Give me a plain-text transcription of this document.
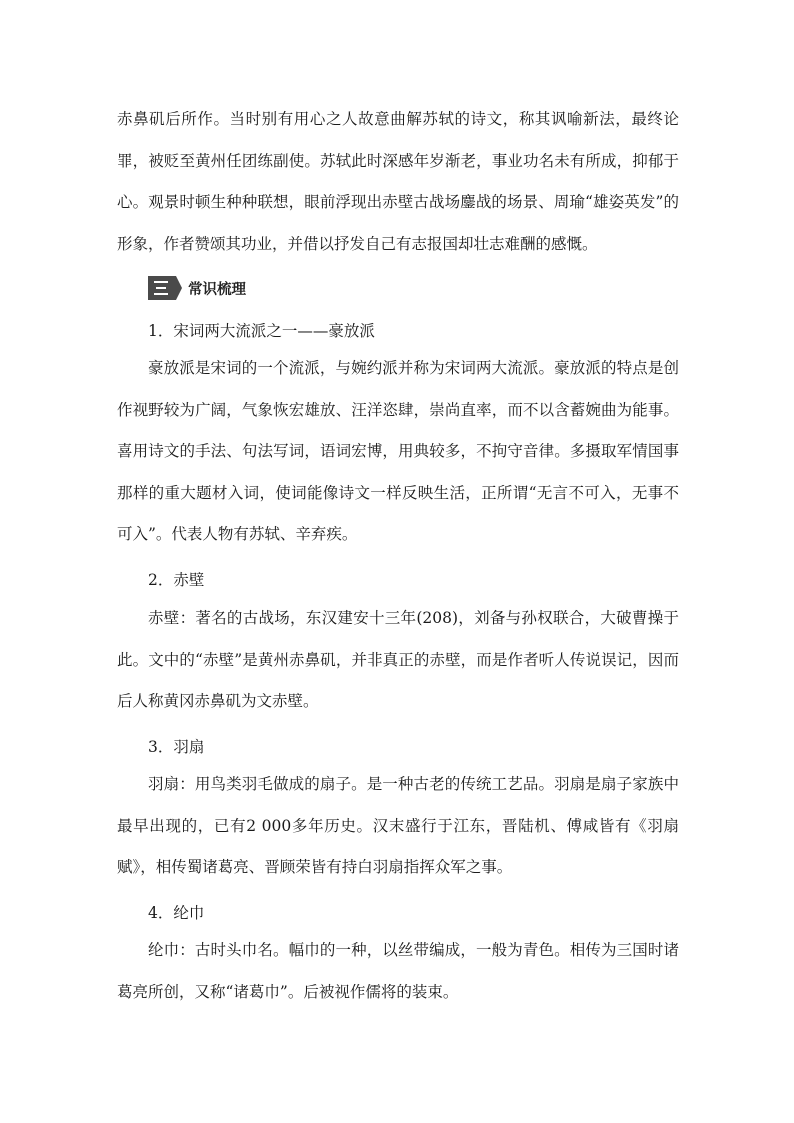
赤鼻矶后所作。当时别有用心之人故意曲解苏轼的诗文，称其讽喻新法，最终论罪，被贬至黄州任团练副使。苏轼此时深感年岁渐老，事业功名未有所成，抑郁于心。观景时顿生种种联想，眼前浮现出赤壁古战场鏖战的场景、周瑜“雄姿英发”的形象，作者赞颂其功业，并借以抒发自己有志报国却壮志难酬的感慨。

常识梳理

1．宋词两大流派之一——豪放派

豪放派是宋词的一个流派，与婉约派并称为宋词两大流派。豪放派的特点是创作视野较为广阔，气象恢宏雄放、汪洋恣肆，崇尚直率，而不以含蓄婉曲为能事。喜用诗文的手法、句法写词，语词宏博，用典较多，不拘守音律。多摄取军情国事那样的重大题材入词，使词能像诗文一样反映生活，正所谓“无言不可入，无事不可入”。代表人物有苏轼、辛弃疾。

2．赤壁

赤壁：著名的古战场，东汉建安十三年(208)，刘备与孙权联合，大破曹操于此。文中的“赤壁”是黄州赤鼻矶，并非真正的赤壁，而是作者听人传说误记，因而后人称黄冈赤鼻矶为文赤壁。

3．羽扇

羽扇：用鸟类羽毛做成的扇子。是一种古老的传统工艺品。羽扇是扇子家族中最早出现的，已有2 000多年历史。汉末盛行于江东，晋陆机、傅咸皆有《羽扇赋》，相传蜀诸葛亮、晋顾荣皆有持白羽扇指挥众军之事。

4．纶巾

纶巾：古时头巾名。幅巾的一种，以丝带编成，一般为青色。相传为三国时诸葛亮所创，又称“诸葛巾”。后被视作儒将的装束。
